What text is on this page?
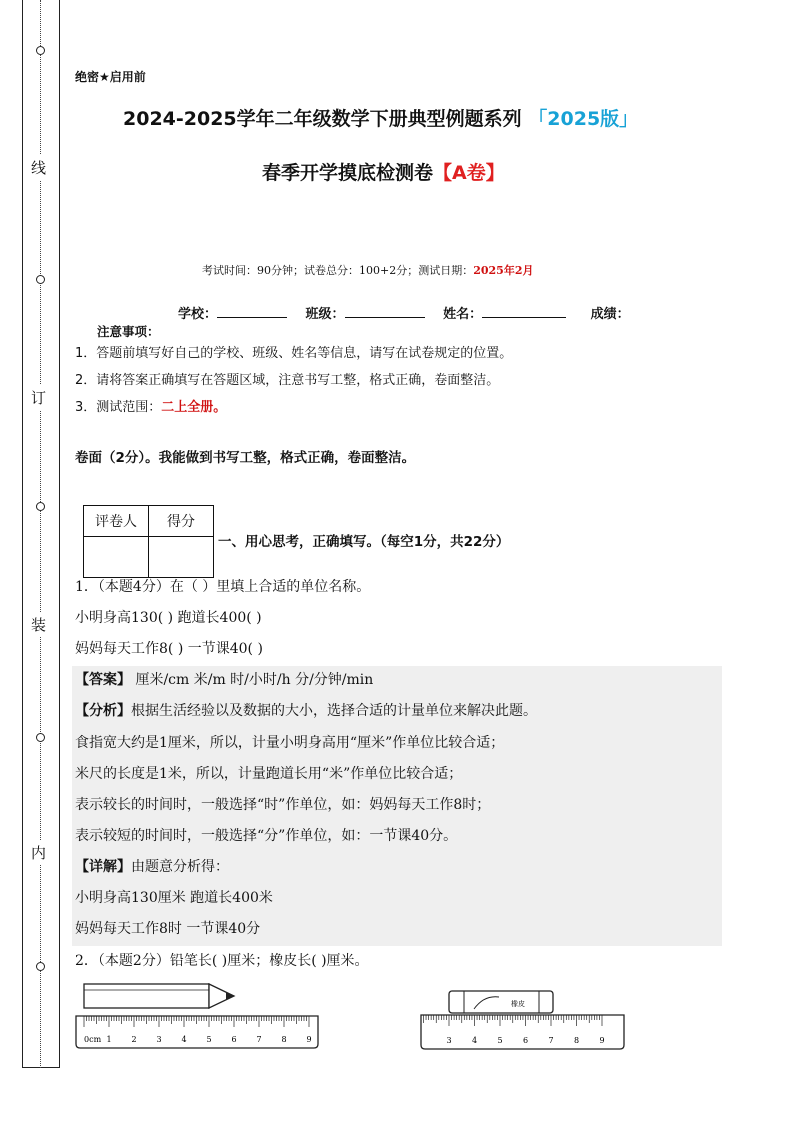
线
订
装
内
绝密★启用前
2024-2025学年二年级数学下册典型例题系列 「2025版」
春季开学摸底检测卷【A卷】
考试时间：90分钟；试卷总分：100+2分；测试日期：2025年2月
学校：	班级：	姓名：	成绩：
注意事项：
1．答题前填写好自己的学校、班级、姓名等信息，请写在试卷规定的位置。
2．请将答案正确填写在答题区域，注意书写工整，格式正确，卷面整洁。
3．测试范围：二上全册。
卷面（2分）。我能做到书写工整，格式正确，卷面整洁。
评卷人	得分

一、用心思考，正确填写。（每空1分，共22分）
1．（本题4分）在（ ）里填上合适的单位名称。
小明身高130( ) 跑道长400( )
妈妈每天工作8( ) 一节课40( )
【答案】 厘米/cm 米/m 时/小时/h 分/分钟/min
【分析】根据生活经验以及数据的大小，选择合适的计量单位来解决此题。
食指宽大约是1厘米，所以，计量小明身高用“厘米”作单位比较合适；
米尺的长度是1米，所以，计量跑道长用“米”作单位比较合适；
表示较长的时间时，一般选择“时”作单位，如：妈妈每天工作8时；
表示较短的时间时，一般选择“分”作单位，如：一节课40分。
【详解】由题意分析得：
小明身高130厘米 跑道长400米
妈妈每天工作8时 一节课40分
2．（本题2分）铅笔长( )厘米；橡皮长( )厘米。
0cm 1 2 3 4 5 6 7 8 9
橡皮
3	4	5	6	7	8	9
